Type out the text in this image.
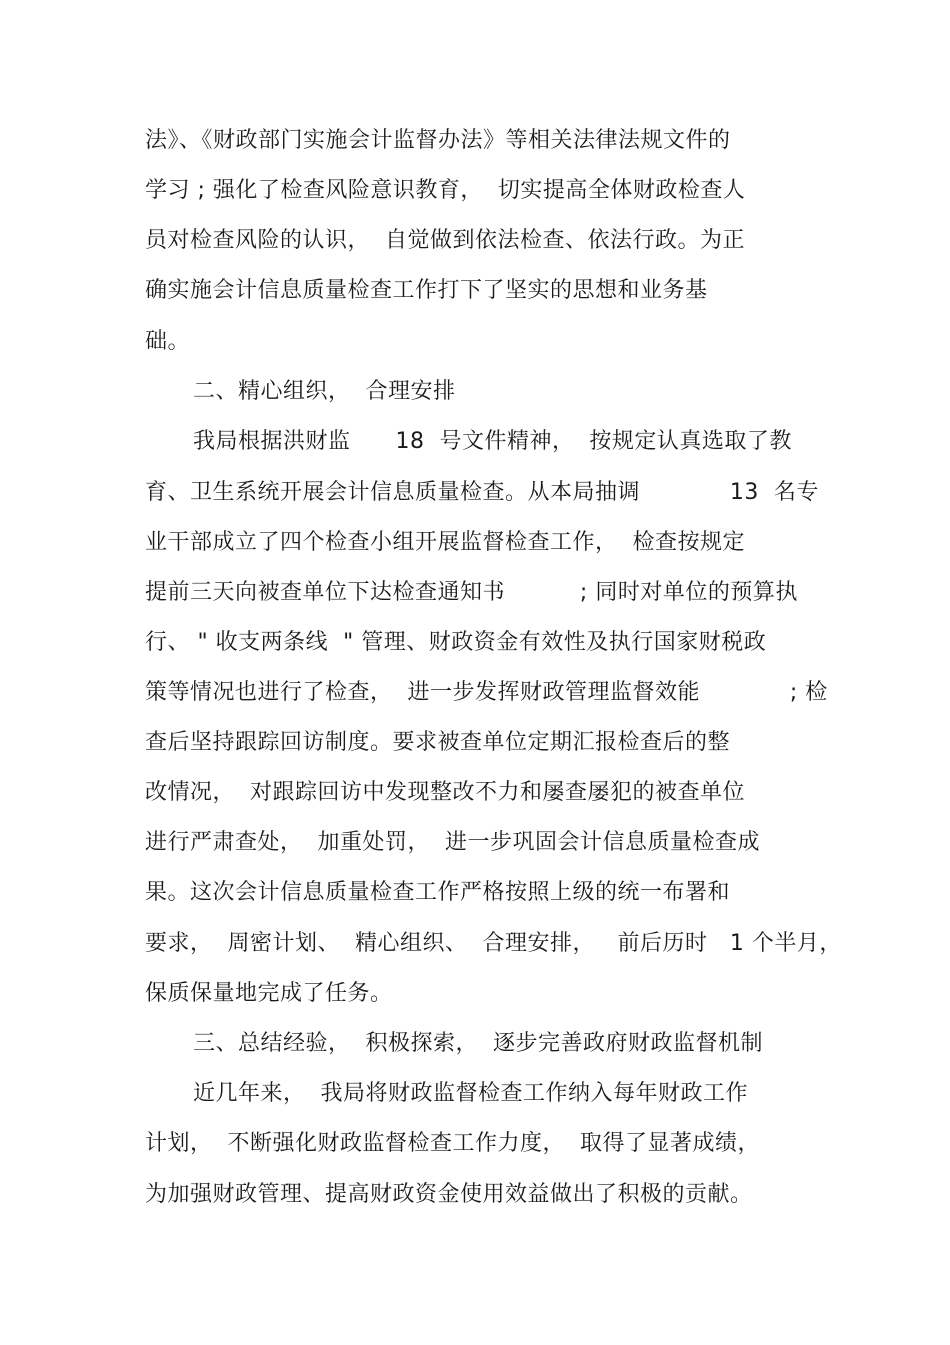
法》、《财政部门实施会计监督办法》等相关法律法规文件的
学习 ; 强化了检查风险意识教育，  切实提高全体财政检查人
员对检查风险的认识，  自觉做到依法检查、依法行政。为正
确实施会计信息质量检查工作打下了坚实的思想和业务基
础。
二、精心组织，  合理安排
我局根据洪财监      18  号文件精神，  按规定认真选取了教
育、卫生系统开展会计信息质量检查。从本局抽调            13  名专
业干部成立了四个检查小组开展监督检查工作，  检查按规定
提前三天向被查单位下达检查通知书          ; 同时对单位的预算执
行、 " 收支两条线  " 管理、财政资金有效性及执行国家财税政
策等情况也进行了检查，  进一步发挥财政管理监督效能            ; 检
查后坚持跟踪回访制度。要求被查单位定期汇报检查后的整
改情况，  对跟踪回访中发现整改不力和屡查屡犯的被查单位
进行严肃查处，  加重处罚，  进一步巩固会计信息质量检查成
果。这次会计信息质量检查工作严格按照上级的统一布署和
要求，  周密计划、  精心组织、  合理安排，   前后历时   1 个半月，
保质保量地完成了任务。
三、总结经验，  积极探索，  逐步完善政府财政监督机制
近几年来，  我局将财政监督检查工作纳入每年财政工作
计划，  不断强化财政监督检查工作力度，  取得了显著成绩，
为加强财政管理、提高财政资金使用效益做出了积极的贡献。
